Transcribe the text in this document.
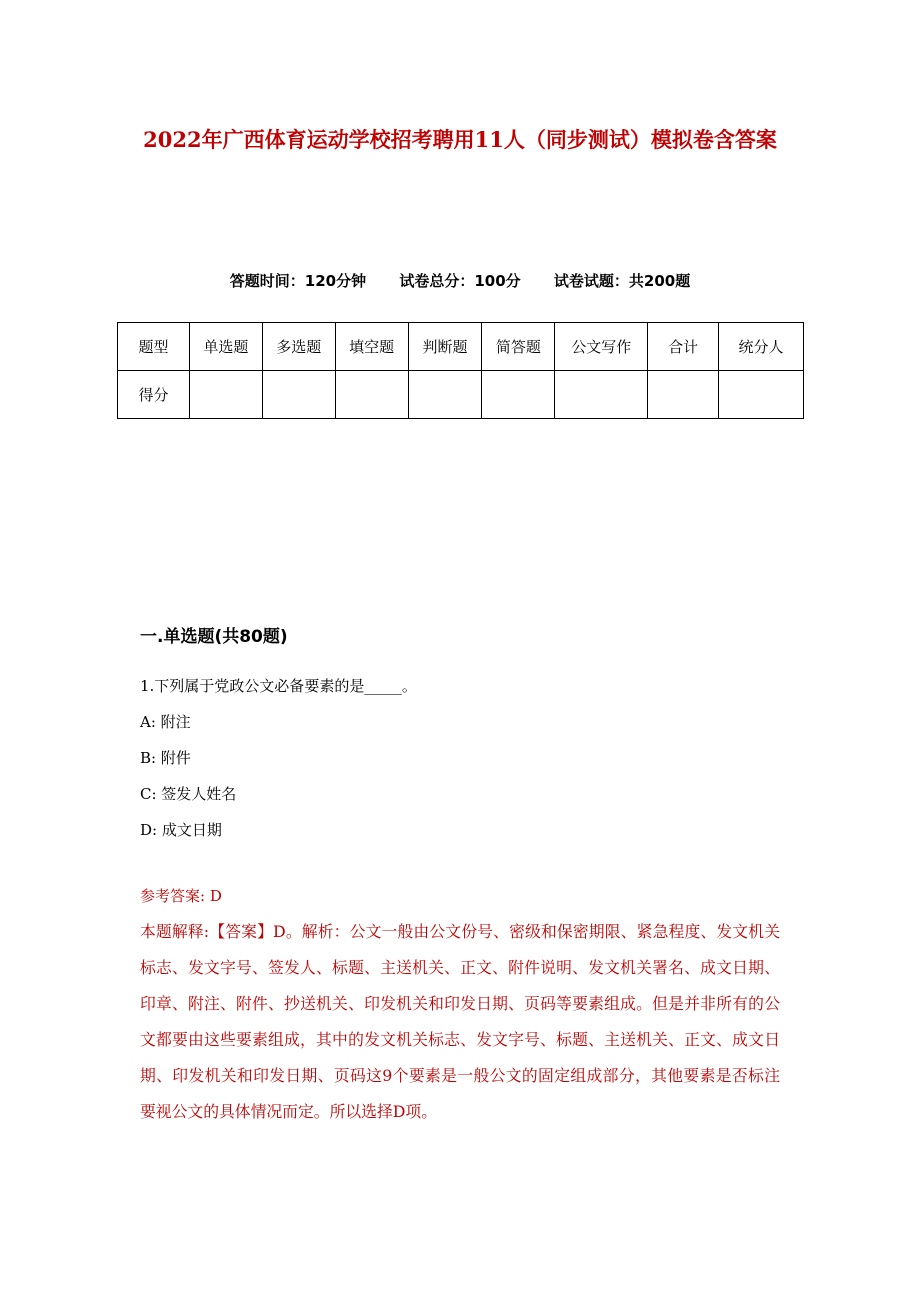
2022年广西体育运动学校招考聘用11人（同步测试）模拟卷含答案
答题时间：120分钟 试卷总分：100分 试卷试题：共200题
题型	单选题	多选题	填空题	判断题	简答题	公文写作	合计	统分人
得分								
一.单选题(共80题)
1.下列属于党政公文必备要素的是_____。
A: 附注
B: 附件
C: 签发人姓名
D: 成文日期
参考答案: D
本题解释:【答案】D。解析：公文一般由公文份号、密级和保密期限、紧急程度、发文机关标志、发文字号、签发人、标题、主送机关、正文、附件说明、发文机关署名、成文日期、印章、附注、附件、抄送机关、印发机关和印发日期、页码等要素组成。但是并非所有的公文都要由这些要素组成，其中的发文机关标志、发文字号、标题、主送机关、正文、成文日期、印发机关和印发日期、页码这9个要素是一般公文的固定组成部分，其他要素是否标注要视公文的具体情况而定。所以选择D项。
